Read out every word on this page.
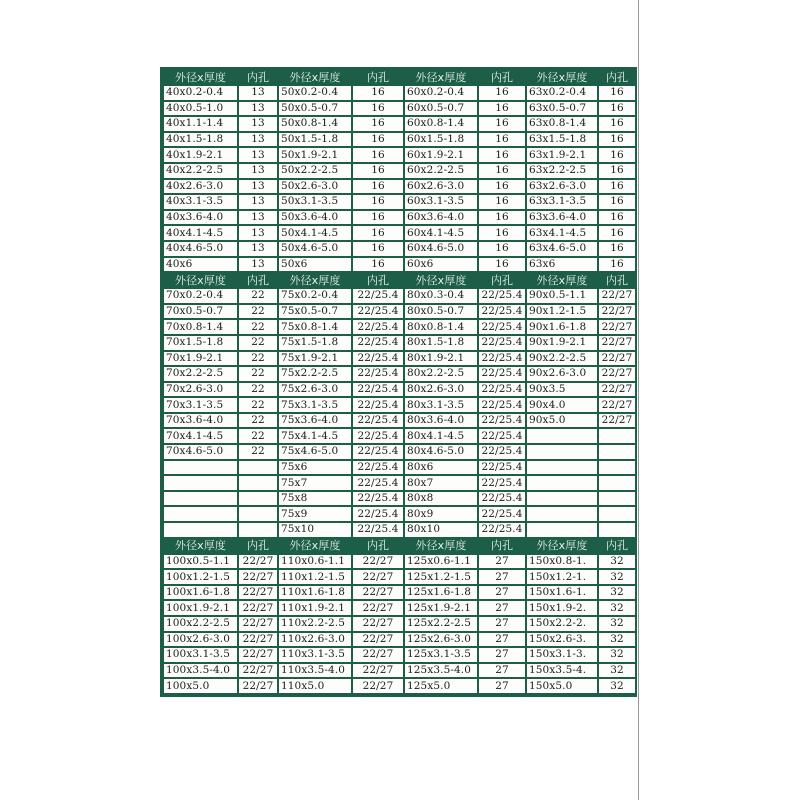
外径x厚度	内孔	外径x厚度	内孔	外径x厚度	内孔	外径x厚度	内孔
40x0.2-0.4	13	50x0.2-0.4	16	60x0.2-0.4	16	63x0.2-0.4	16
40x0.5-1.0	13	50x0.5-0.7	16	60x0.5-0.7	16	63x0.5-0.7	16
40x1.1-1.4	13	50x0.8-1.4	16	60x0.8-1.4	16	63x0.8-1.4	16
40x1.5-1.8	13	50x1.5-1.8	16	60x1.5-1.8	16	63x1.5-1.8	16
40x1.9-2.1	13	50x1.9-2.1	16	60x1.9-2.1	16	63x1.9-2.1	16
40x2.2-2.5	13	50x2.2-2.5	16	60x2.2-2.5	16	63x2.2-2.5	16
40x2.6-3.0	13	50x2.6-3.0	16	60x2.6-3.0	16	63x2.6-3.0	16
40x3.1-3.5	13	50x3.1-3.5	16	60x3.1-3.5	16	63x3.1-3.5	16
40x3.6-4.0	13	50x3.6-4.0	16	60x3.6-4.0	16	63x3.6-4.0	16
40x4.1-4.5	13	50x4.1-4.5	16	60x4.1-4.5	16	63x4.1-4.5	16
40x4.6-5.0	13	50x4.6-5.0	16	60x4.6-5.0	16	63x4.6-5.0	16
40x6	13	50x6	16	60x6	16	63x6	16
外径x厚度	内孔	外径x厚度	内孔	外径x厚度	内孔	外径x厚度	内孔
70x0.2-0.4	22	75x0.2-0.4	22/25.4	80x0.3-0.4	22/25.4	90x0.5-1.1	22/27
70x0.5-0.7	22	75x0.5-0.7	22/25.4	80x0.5-0.7	22/25.4	90x1.2-1.5	22/27
70x0.8-1.4	22	75x0.8-1.4	22/25.4	80x0.8-1.4	22/25.4	90x1.6-1.8	22/27
70x1.5-1.8	22	75x1.5-1.8	22/25.4	80x1.5-1.8	22/25.4	90x1.9-2.1	22/27
70x1.9-2.1	22	75x1.9-2.1	22/25.4	80x1.9-2.1	22/25.4	90x2.2-2.5	22/27
70x2.2-2.5	22	75x2.2-2.5	22/25.4	80x2.2-2.5	22/25.4	90x2.6-3.0	22/27
70x2.6-3.0	22	75x2.6-3.0	22/25.4	80x2.6-3.0	22/25.4	90x3.5	22/27
70x3.1-3.5	22	75x3.1-3.5	22/25.4	80x3.1-3.5	22/25.4	90x4.0	22/27
70x3.6-4.0	22	75x3.6-4.0	22/25.4	80x3.6-4.0	22/25.4	90x5.0	22/27
70x4.1-4.5	22	75x4.1-4.5	22/25.4	80x4.1-4.5	22/25.4		
70x4.6-5.0	22	75x4.6-5.0	22/25.4	80x4.6-5.0	22/25.4		
		75x6	22/25.4	80x6	22/25.4		
		75x7	22/25.4	80x7	22/25.4		
		75x8	22/25.4	80x8	22/25.4		
		75x9	22/25.4	80x9	22/25.4		
		75x10	22/25.4	80x10	22/25.4		
外径x厚度	内孔	外径x厚度	内孔	外径x厚度	内孔	外径x厚度	内孔
100x0.5-1.1	22/27	110x0.6-1.1	22/27	125x0.6-1.1	27	150x0.8-1.	32
100x1.2-1.5	22/27	110x1.2-1.5	22/27	125x1.2-1.5	27	150x1.2-1.	32
100x1.6-1.8	22/27	110x1.6-1.8	22/27	125x1.6-1.8	27	150x1.6-1.	32
100x1.9-2.1	22/27	110x1.9-2.1	22/27	125x1.9-2.1	27	150x1.9-2.	32
100x2.2-2.5	22/27	110x2.2-2.5	22/27	125x2.2-2.5	27	150x2.2-2.	32
100x2.6-3.0	22/27	110x2.6-3.0	22/27	125x2.6-3.0	27	150x2.6-3.	32
100x3.1-3.5	22/27	110x3.1-3.5	22/27	125x3.1-3.5	27	150x3.1-3.	32
100x3.5-4.0	22/27	110x3.5-4.0	22/27	125x3.5-4.0	27	150x3.5-4.	32
100x5.0	22/27	110x5.0	22/27	125x5.0	27	150x5.0	32
